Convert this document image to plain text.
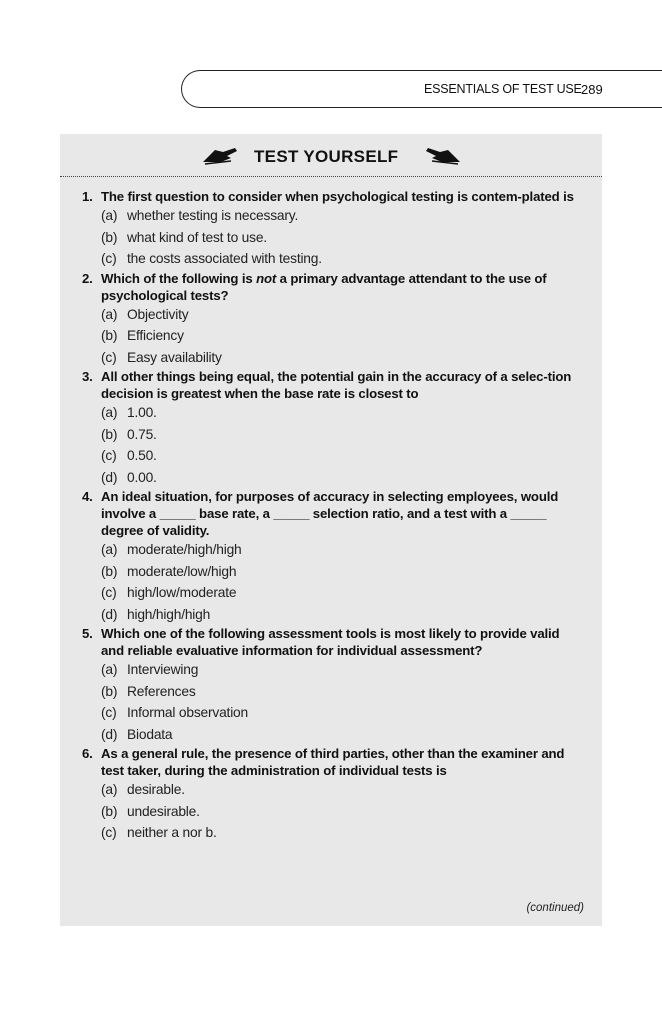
ESSENTIALS OF TEST USE 289
TEST YOURSELF
1. The first question to consider when psychological testing is contem-plated is
(a) whether testing is necessary.
(b) what kind of test to use.
(c) the costs associated with testing.
2. Which of the following is not a primary advantage attendant to the use of psychological tests?
(a) Objectivity
(b) Efficiency
(c) Easy availability
3. All other things being equal, the potential gain in the accuracy of a selec-tion decision is greatest when the base rate is closest to
(a) 1.00.
(b) 0.75.
(c) 0.50.
(d) 0.00.
4. An ideal situation, for purposes of accuracy in selecting employees, would involve a _____ base rate, a _____ selection ratio, and a test with a _____ degree of validity.
(a) moderate/high/high
(b) moderate/low/high
(c) high/low/moderate
(d) high/high/high
5. Which one of the following assessment tools is most likely to provide valid and reliable evaluative information for individual assessment?
(a) Interviewing
(b) References
(c) Informal observation
(d) Biodata
6. As a general rule, the presence of third parties, other than the examiner and test taker, during the administration of individual tests is
(a) desirable.
(b) undesirable.
(c) neither a nor b.
(continued)
